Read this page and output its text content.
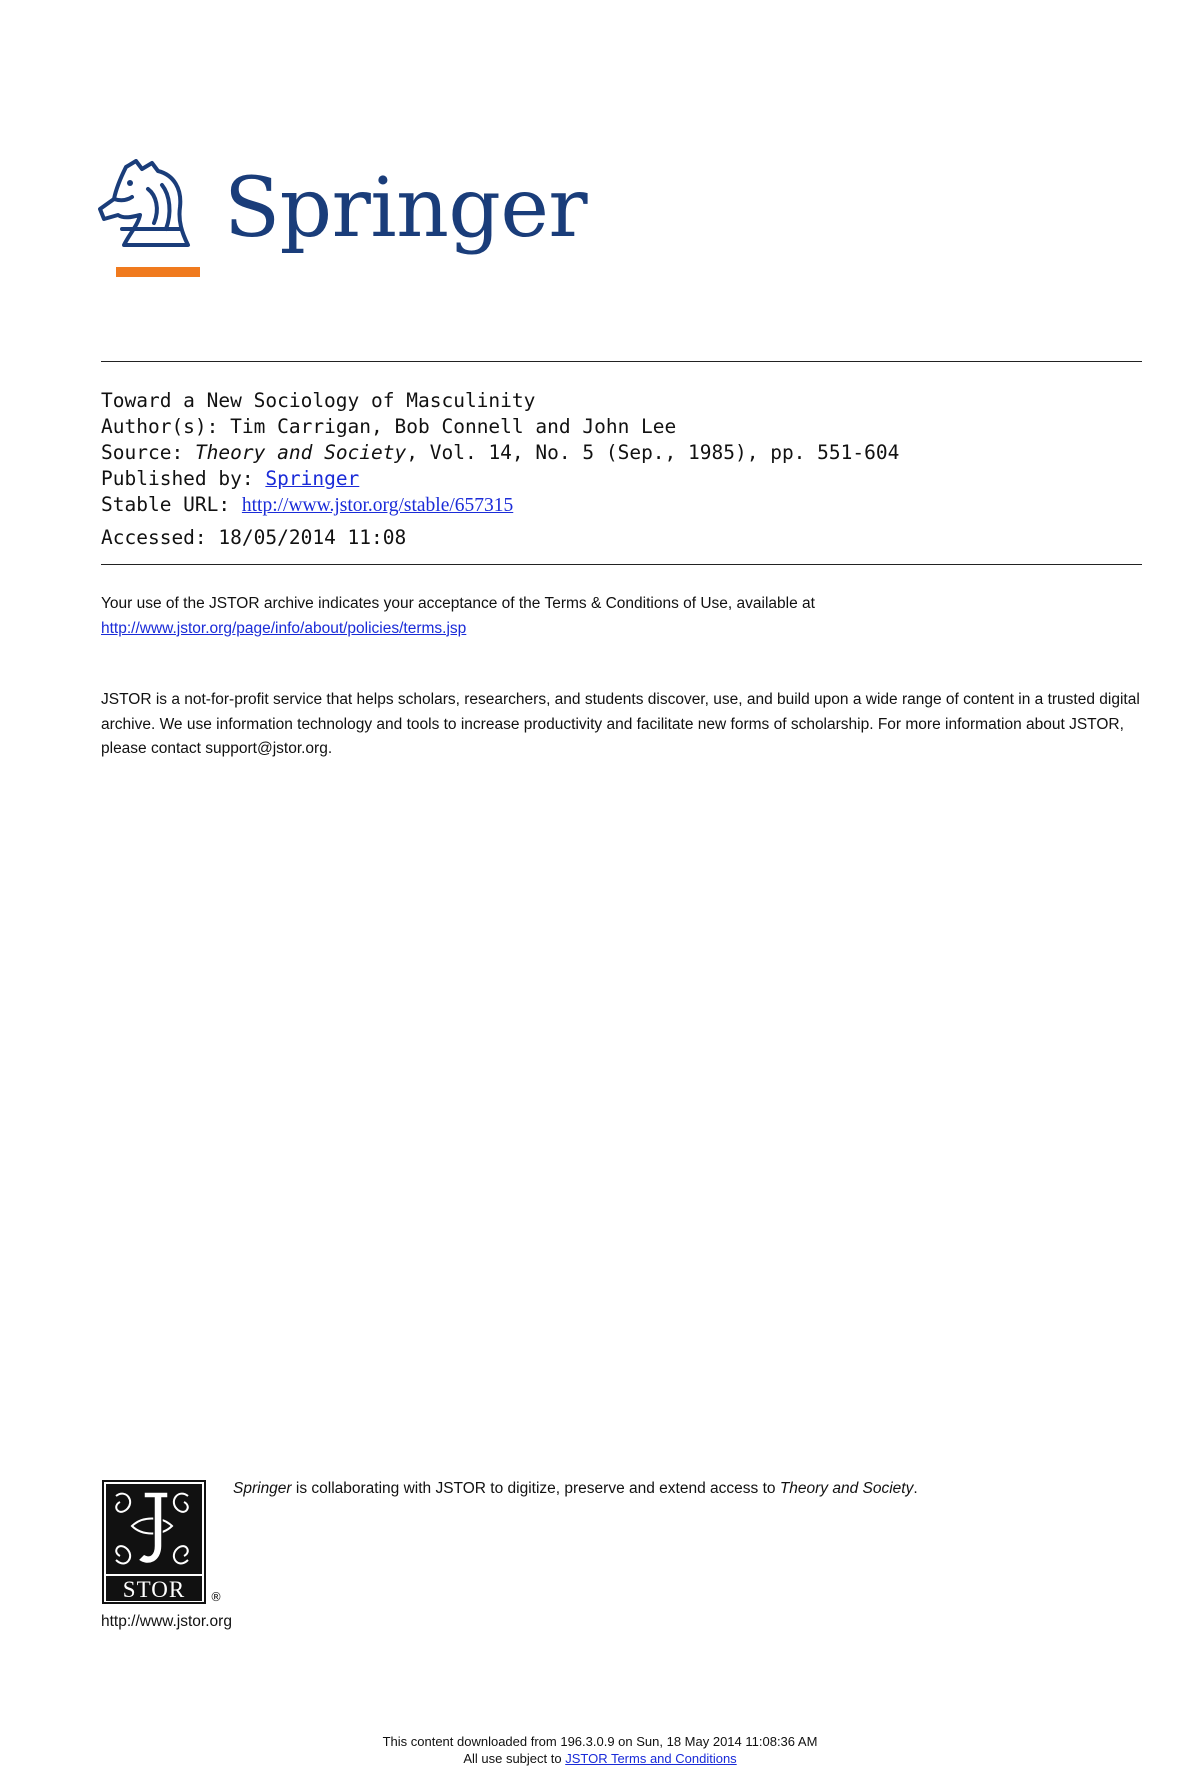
Springer
Toward a New Sociology of Masculinity
Author(s): Tim Carrigan, Bob Connell and John Lee
Source: Theory and Society, Vol. 14, No. 5 (Sep., 1985), pp. 551-604
Published by: Springer
Stable URL: http://www.jstor.org/stable/657315
Accessed: 18/05/2014 11:08
Your use of the JSTOR archive indicates your acceptance of the Terms & Conditions of Use, available at
http://www.jstor.org/page/info/about/policies/terms.jsp
JSTOR is a not-for-profit service that helps scholars, researchers, and students discover, use, and build upon a wide range of content in a trusted digital archive. We use information technology and tools to increase productivity and facilitate new forms of scholarship. For more information about JSTOR, please contact support@jstor.org.
STOR ®
http://www.jstor.org
Springer is collaborating with JSTOR to digitize, preserve and extend access to Theory and Society.
This content downloaded from 196.3.0.9 on Sun, 18 May 2014 11:08:36 AM
All use subject to JSTOR Terms and Conditions
